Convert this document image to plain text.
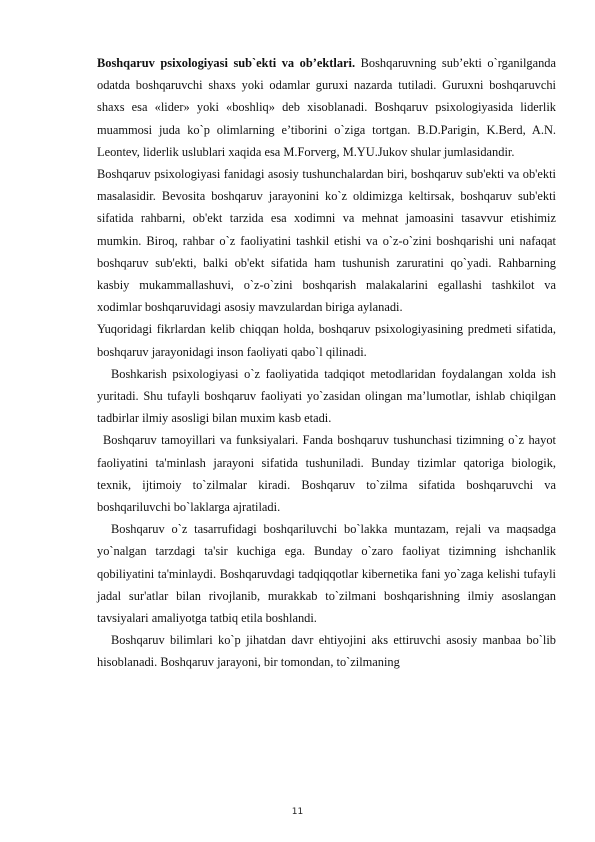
Boshqaruv psixologiyasi sub`ekti va ob’ektlari. Boshqaruvning sub’ekti o`rganilganda odatda boshqaruvchi shaxs yoki odamlar guruxi nazarda tutiladi. Guruxni boshqaruvchi shaxs esa «lider» yoki «boshliq» deb xisoblanadi. Boshqaruv psixologiyasida liderlik muammosi juda ko`p olimlarning e’tiborini o`ziga tortgan. B.D.Parigin, K.Berd, A.N. Leontev, liderlik uslublari xaqida esa M.Forverg, M.YU.Jukov shular jumlasidandir.

Boshqaruv psixologiyasi fanidagi asosiy tushunchalardan biri, boshqaruv sub'ekti va ob'ekti masalasidir. Bevosita boshqaruv jarayonini ko`z oldimizga keltirsak, boshqaruv sub'ekti sifatida rahbarni, ob'ekt tarzida esa xodimni va mehnat jamoasini tasavvur etishimiz mumkin. Biroq, rahbar o`z faoliyatini tashkil etishi va o`z-o`zini boshqarishi uni nafaqat boshqaruv sub'ekti, balki ob'ekt sifatida ham tushunish zaruratini qo`yadi. Rahbarning kasbiy mukammallashuvi, o`z-o`zini boshqarish malakalarini egallashi tashkilot va xodimlar boshqaruvidagi asosiy mavzulardan biriga aylanadi.

Yuqoridagi fikrlardan kelib chiqqan holda, boshqaruv psixologiyasining predmeti sifatida, boshqaruv jarayonidagi inson faoliyati qabo`l qilinadi.

Boshkarish psixologiyasi o`z faoliyatida tadqiqot metodlaridan foydalangan xolda ish yuritadi. Shu tufayli boshqaruv faoliyati yo`zasidan olingan ma’lumotlar, ishlab chiqilgan tadbirlar ilmiy asosligi bilan muxim kasb etadi.

Boshqaruv tamoyillari va funksiyalari. Fanda boshqaruv tushunchasi tizimning o`z hayot faoliyatini ta'minlash jarayoni sifatida tushuniladi. Bunday tizimlar qatoriga biologik, texnik, ijtimoiy to`zilmalar kiradi. Boshqaruv to`zilma sifatida boshqaruvchi va boshqariluvchi bo`laklarga ajratiladi.

Boshqaruv o`z tasarrufidagi boshqariluvchi bo`lakka muntazam, rejali va maqsadga yo`nalgan tarzdagi ta'sir kuchiga ega. Bunday o`zaro faoliyat tizimning ishchanlik qobiliyatini ta'minlaydi. Boshqaruvdagi tadqiqqotlar kibernetika fani yo`zaga kelishi tufayli jadal sur'atlar bilan rivojlanib, murakkab to`zilmani boshqarishning ilmiy asoslangan tavsiyalari amaliyotga tatbiq etila boshlandi.

Boshqaruv bilimlari ko`p jihatdan davr ehtiyojini aks ettiruvchi asosiy manbaa bo`lib hisoblanadi. Boshqaruv jarayoni, bir tomondan, to`zilmaning

11
